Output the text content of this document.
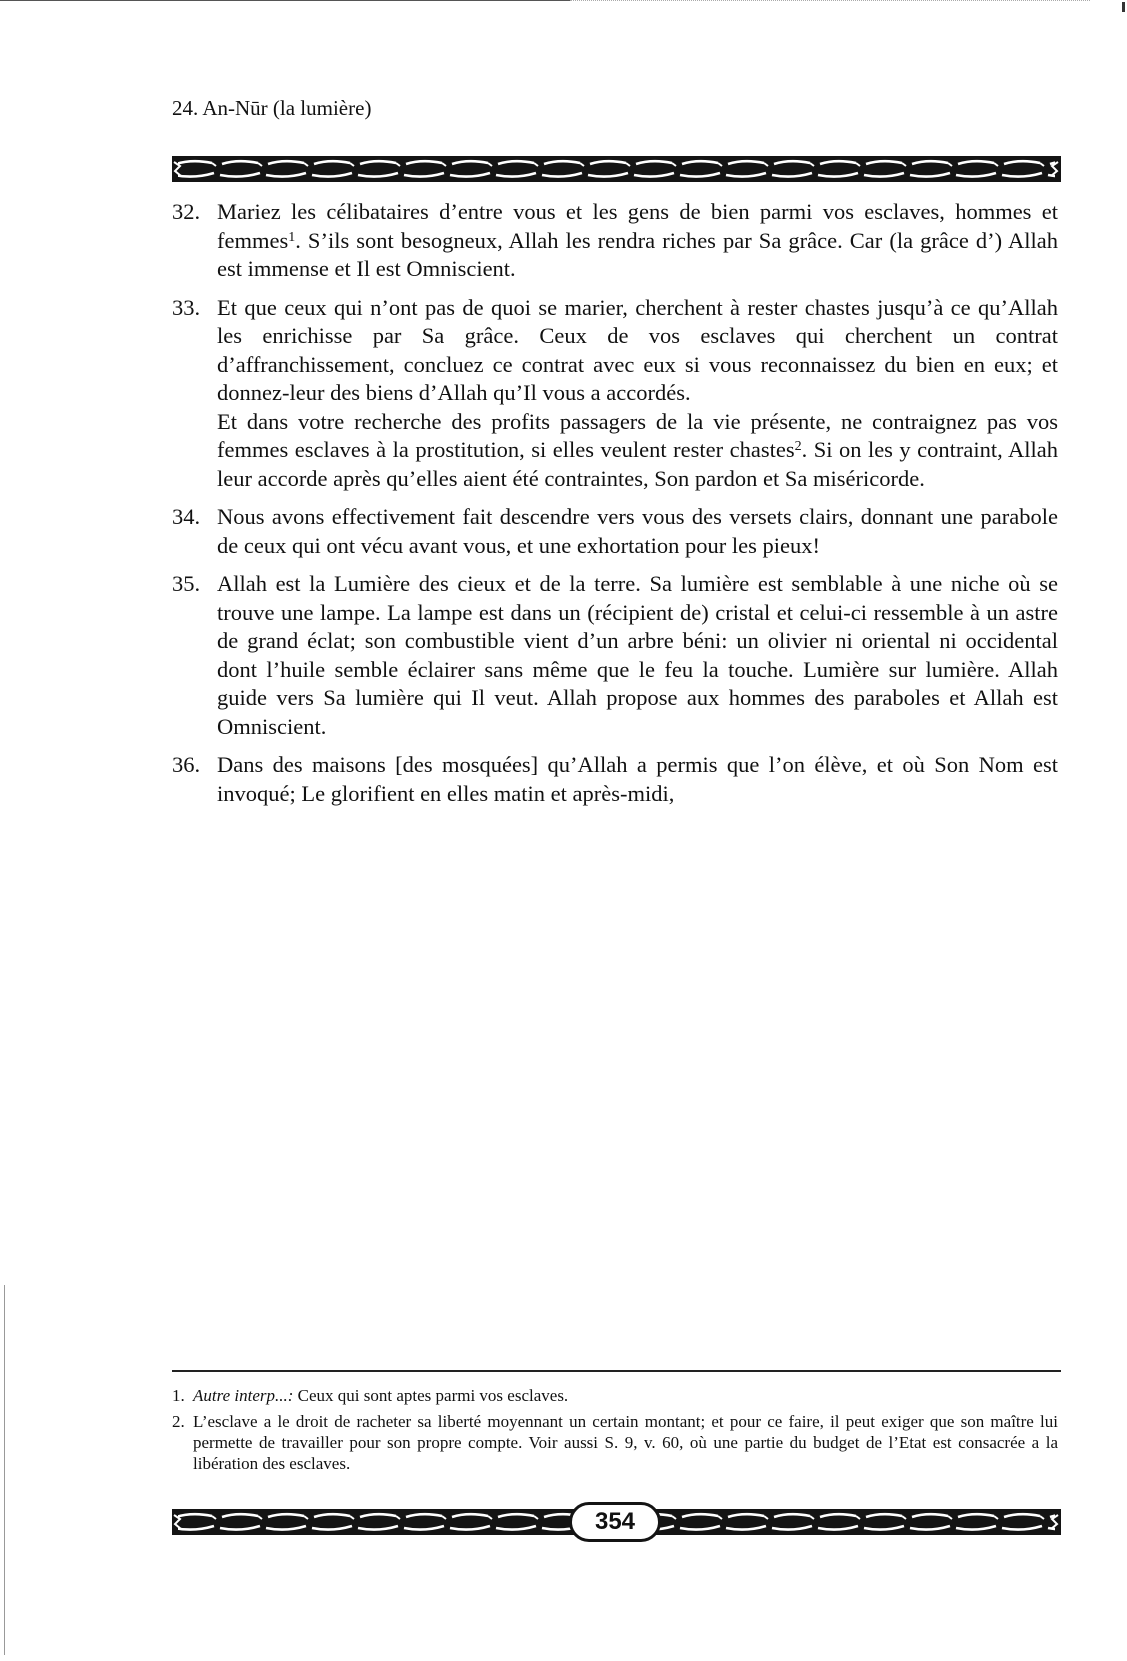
24. An-Nūr (la lumière)
32. Mariez les célibataires d’entre vous et les gens de bien parmi vos esclaves, hommes et femmes$^1$. S’ils sont besogneux, Allah les rendra riches par Sa grâce. Car (la grâce d’) Allah est immense et Il est Omniscient.
33. Et que ceux qui n’ont pas de quoi se marier, cherchent à rester chastes jusqu’à ce qu’Allah les enrichisse par Sa grâce. Ceux de vos esclaves qui cherchent un contrat d’affranchissement, concluez ce contrat avec eux si vous reconnaissez du bien en eux; et donnez-leur des biens d’Allah qu’Il vous a accordés.
Et dans votre recherche des profits passagers de la vie présente, ne contraignez pas vos femmes esclaves à la prostitution, si elles veulent rester chastes$^2$. Si on les y contraint, Allah leur accorde après qu’elles aient été contraintes, Son pardon et Sa miséricorde.
34. Nous avons effectivement fait descendre vers vous des versets clairs, donnant une parabole de ceux qui ont vécu avant vous, et une exhortation pour les pieux!
35. Allah est la Lumière des cieux et de la terre. Sa lumière est semblable à une niche où se trouve une lampe. La lampe est dans un (récipient de) cristal et celui-ci ressemble à un astre de grand éclat; son combustible vient d’un arbre béni: un olivier ni oriental ni occidental dont l’huile semble éclairer sans même que le feu la touche. Lumière sur lumière. Allah guide vers Sa lumière qui Il veut. Allah propose aux hommes des paraboles et Allah est Omniscient.
36. Dans des maisons [des mosquées] qu’Allah a permis que l’on élève, et où Son Nom est invoqué; Le glorifient en elles matin et après-midi,
1. Autre interp...: Ceux qui sont aptes parmi vos esclaves.
2. L’esclave a le droit de racheter sa liberté moyennant un certain montant; et pour ce faire, il peut exiger que son maître lui permette de travailler pour son propre compte. Voir aussi S. 9, v. 60, où une partie du budget de l’Etat est consacrée a la libération des esclaves.
354
